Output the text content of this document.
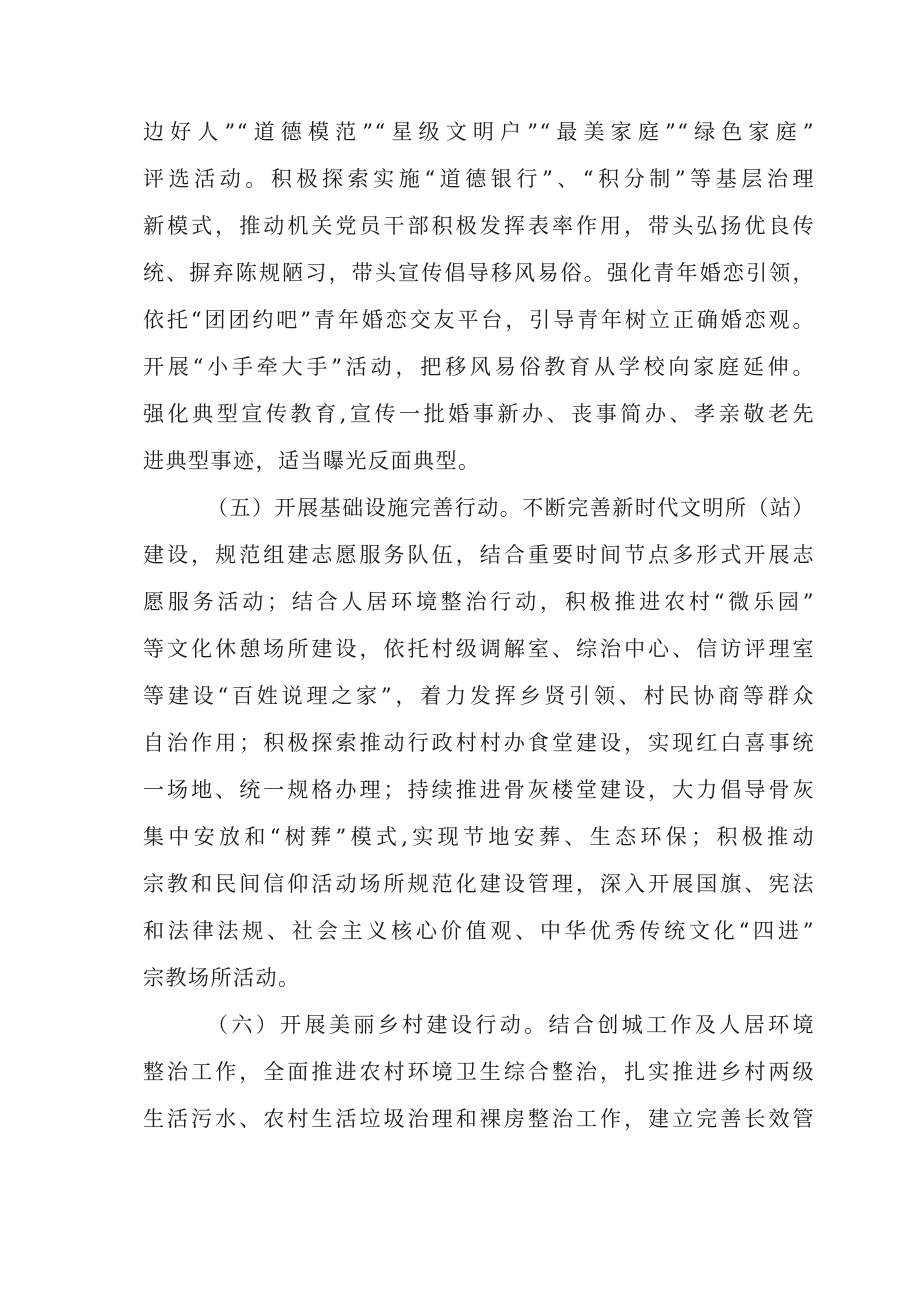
边好人”“道德模范”“星级文明户”“最美家庭”“绿色家庭”
评选活动。积极探索实施“道德银行”、“积分制”等基层治理
新模式，推动机关党员干部积极发挥表率作用，带头弘扬优良传
统、摒弃陈规陋习，带头宣传倡导移风易俗。强化青年婚恋引领，
依托“团团约吧”青年婚恋交友平台，引导青年树立正确婚恋观。
开展“小手牵大手”活动，把移风易俗教育从学校向家庭延伸。
强化典型宣传教育,宣传一批婚事新办、丧事简办、孝亲敬老先
进典型事迹，适当曝光反面典型。
（五）开展基础设施完善行动。不断完善新时代文明所（站）
建设，规范组建志愿服务队伍，结合重要时间节点多形式开展志
愿服务活动；结合人居环境整治行动，积极推进农村“微乐园”
等文化休憩场所建设，依托村级调解室、综治中心、信访评理室
等建设“百姓说理之家”，着力发挥乡贤引领、村民协商等群众
自治作用；积极探索推动行政村村办食堂建设，实现红白喜事统
一场地、统一规格办理；持续推进骨灰楼堂建设，大力倡导骨灰
集中安放和“树葬”模式,实现节地安葬、生态环保；积极推动
宗教和民间信仰活动场所规范化建设管理，深入开展国旗、宪法
和法律法规、社会主义核心价值观、中华优秀传统文化“四进”
宗教场所活动。
（六）开展美丽乡村建设行动。结合创城工作及人居环境
整治工作，全面推进农村环境卫生综合整治，扎实推进乡村两级
生活污水、农村生活垃圾治理和裸房整治工作，建立完善长效管
